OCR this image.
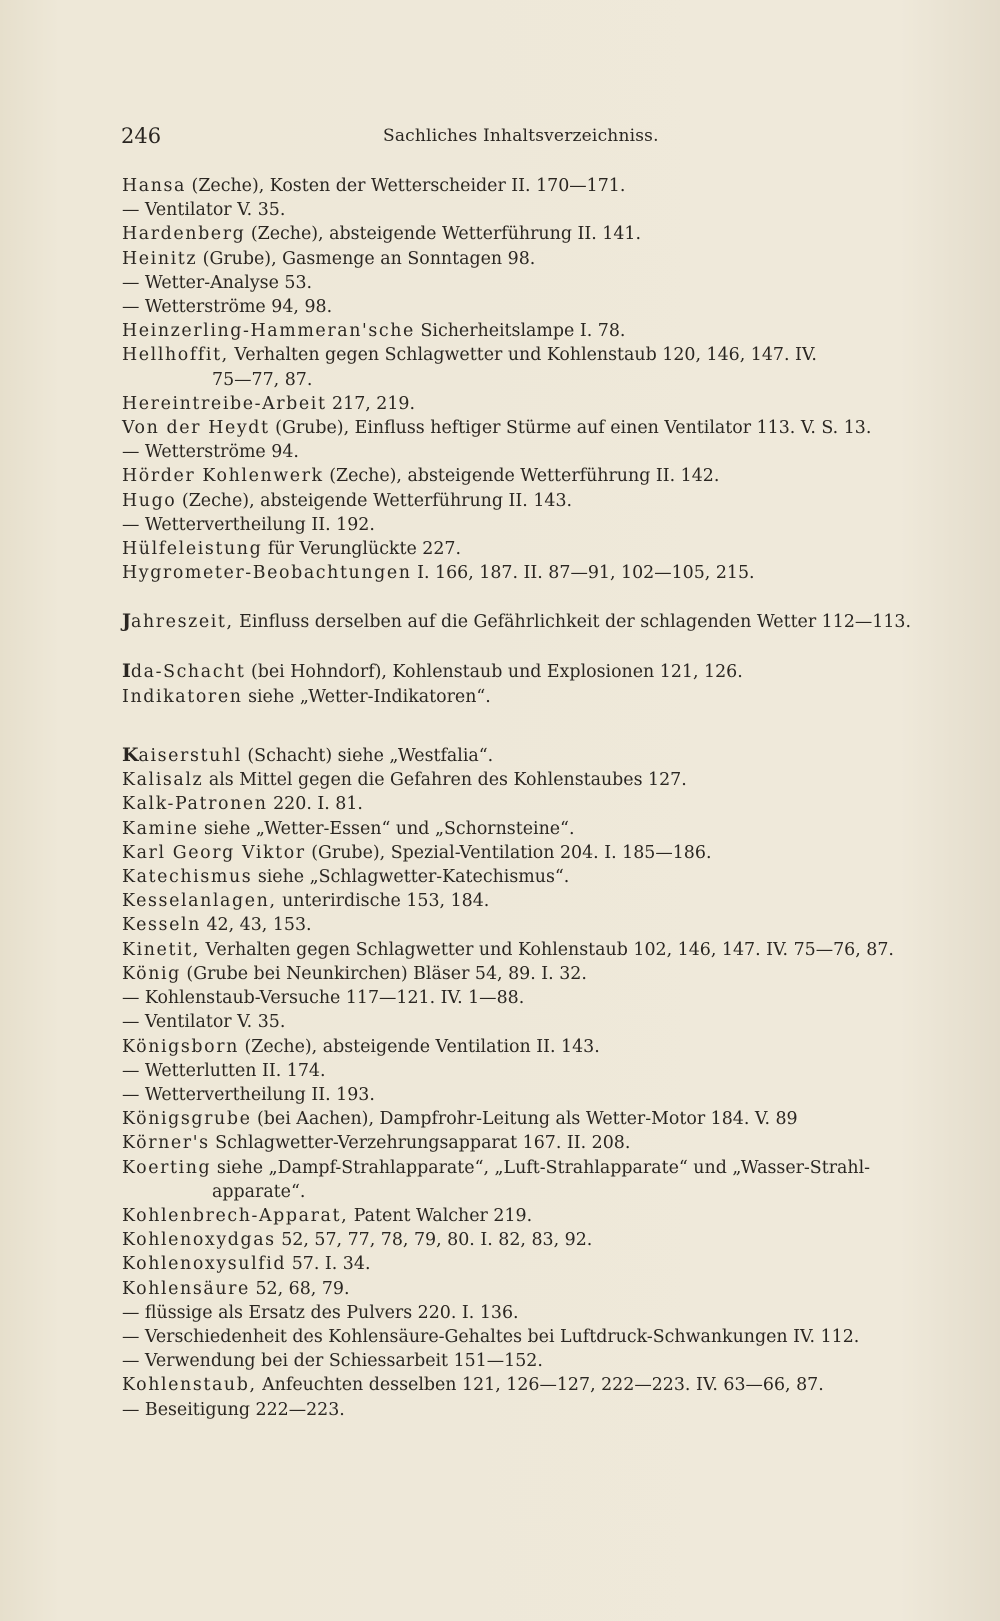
246	Sachliches Inhaltsverzeichniss.
Hansa (Zeche), Kosten der Wetterscheider II. 170—171.
— Ventilator V. 35.
Hardenberg (Zeche), absteigende Wetterführung II. 141.
Heinitz (Grube), Gasmenge an Sonntagen 98.
— Wetter-Analyse 53.
— Wetterströme 94, 98.
Heinzerling-Hammeran'sche Sicherheitslampe I. 78.
Hellhoffit, Verhalten gegen Schlagwetter und Kohlenstaub 120, 146, 147. IV.
75—77, 87.
Hereintreibe-Arbeit 217, 219.
Von der Heydt (Grube), Einfluss heftiger Stürme auf einen Ventilator 113. V. S. 13.
— Wetterströme 94.
Hörder Kohlenwerk (Zeche), absteigende Wetterführung II. 142.
Hugo (Zeche), absteigende Wetterführung II. 143.
— Wettervertheilung II. 192.
Hülfeleistung für Verunglückte 227.
Hygrometer-Beobachtungen I. 166, 187. II. 87—91, 102—105, 215.
Jahreszeit, Einfluss derselben auf die Gefährlichkeit der schlagenden Wetter 112—113.
Ida-Schacht (bei Hohndorf), Kohlenstaub und Explosionen 121, 126.
Indikatoren siehe „Wetter-Indikatoren“.
Kaiserstuhl (Schacht) siehe „Westfalia“.
Kalisalz als Mittel gegen die Gefahren des Kohlenstaubes 127.
Kalk-Patronen 220. I. 81.
Kamine siehe „Wetter-Essen“ und „Schornsteine“.
Karl Georg Viktor (Grube), Spezial-Ventilation 204. I. 185—186.
Katechismus siehe „Schlagwetter-Katechismus“.
Kesselanlagen, unterirdische 153, 184.
Kesseln 42, 43, 153.
Kinetit, Verhalten gegen Schlagwetter und Kohlenstaub 102, 146, 147. IV. 75—76, 87.
König (Grube bei Neunkirchen) Bläser 54, 89. I. 32.
— Kohlenstaub-Versuche 117—121. IV. 1—88.
— Ventilator V. 35.
Königsborn (Zeche), absteigende Ventilation II. 143.
— Wetterlutten II. 174.
— Wettervertheilung II. 193.
Königsgrube (bei Aachen), Dampfrohr-Leitung als Wetter-Motor 184. V. 89
Körner's Schlagwetter-Verzehrungsapparat 167. II. 208.
Koerting siehe „Dampf-Strahlapparate“, „Luft-Strahlapparate“ und „Wasser-Strahl-
apparate“.
Kohlenbrech-Apparat, Patent Walcher 219.
Kohlenoxydgas 52, 57, 77, 78, 79, 80. I. 82, 83, 92.
Kohlenoxysulfid 57. I. 34.
Kohlensäure 52, 68, 79.
— flüssige als Ersatz des Pulvers 220. I. 136.
— Verschiedenheit des Kohlensäure-Gehaltes bei Luftdruck-Schwankungen IV. 112.
— Verwendung bei der Schiessarbeit 151—152.
Kohlenstaub, Anfeuchten desselben 121, 126—127, 222—223. IV. 63—66, 87.
— Beseitigung 222—223.
